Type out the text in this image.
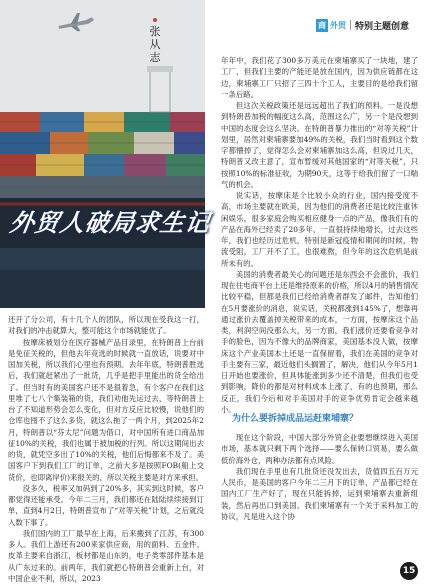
张从志
外贸人破局求生记
商 外贸 特别主题创意

还开了分公司，有十几个人的团队，所以现在受我这一打，对我们的冲击就算大，整可能这个市场就能优了。

按摩床被划分在医疗器械产品目录里，在特朗普上台前是免征关税的，但他去年竞选的时候就一直放话，说要对中国加关税，所以我们心里也有预期。去年年底，特朗普胜选后，我们就赶紧出了一批货，几乎是把手里能出的货全给出了。但当时有的美国客户还不是很着急，有个客户在我们这里堆了七八个集装箱的货，我们劝他先运过去，等特朗普上台了不知道形势会怎么变化，但对方反应比较慢，说他们的仓库也囤不了这么多货，就这么拖了一两个月，到2025年2月，特朗普以“芬太尼”问题为借口，对中国所有进口商品加征10%的关税，我们也属于被加税的行列。所以这期间出去的货，就凭空多出了10%的关税，他们后悔都来不及了。美国客户下到我们工厂的订单，之前大多是按照FOB(船上交货价，也即离岸价)来报关的，所以关税主要是对方来承担。

没多久，税率又加码到了20%多，其实到这时候，客户都觉得还能承受。今年二三月，我们都还在陆陆续续接到订单，直到4月2日，特朗普宣布了“对等关税”计划，之后就没入数下事了。

我们国内的工厂最早在上海，后来搬到了江苏，有300多人。我们上游还有200来家供应商，用的面料、五金件、皮革主要来自浙江，板材都是山东的，电子类零部件基本是从广东过来的。前两年，我们就把心特朗普会重新上台，对中国企业不利，所以，2023

年年中，我们花了300多万美元在柬埔寨买了一块地，建了工厂，但我们主要的产能还是放在国内，因为供应链都在这边，柬埔寨工厂只招了三四十个工人，主要目的是给我们留一条后路。

但这次关税政策还是远远超出了我们的预料。一是没想到特朗普加税的幅度这么高，范围这么广，另一个是没想到中国的态度会这么坚决。在特朗普暴力推出的“对等关税”计划里，居然对柬埔寨要加49%的关税，我们当时看到这个数字都懵掉了，觉得怎么会对柬埔寨加这么高，但说过几天，特朗普又改主意了，宣布暂缓对其他国家的“对等关税”，只按照10%的标准征收，为期90天，这等于给我们留了一口喘气的机会。

说实话，按摩床是个比较小众的行业，国内接受度不高，市场主要就在欧美，因为他们的消费者还是比较注重休闲娱乐，很多家庭会购买相应健身一点的产品，像我们有的产品在海外已经卖了20多年，一直很持续地增长，过去这些年，我们也经历过危机，特别是新冠疫情和期间的时候，物流受阻，工厂开不了工，也很难熬，但今年的这次危机是前所未有的。

美国的消费者最关心的问题还是东西会不会涨价，我们现在往电商平台上还是维持原来的价格，所以4月的销售情况比较平稳，但都是我们已经给消费者群发了邮件，告知他们在5月要涨价的消息，说实话，关税都涨到145%了，想靠再通过涨价去覆盖掉关税带来的成本，一方面，按摩床这个品类，利润空间没那么大，另一方面，我们涨价还要看竞争对手的脸色，因为不像大的品牌商家，美国基本没人做，按摩床这个产业美国本土还是一直保留着，我们在美国的竞争对手主要有三家，最近他们头搁置了，解决，他们从今年5月1日开始也要涨价，但具体能涨到多少还不清楚，但我们也受到影响，降价的都是对材料成本上涨了，有的也预期，那么反正，我们今后和对手美国对手的竞争优势肯定会越来越小。

为什么要拆掉成品运赶柬埔寨？

现在这个阶段，中国大部分外贸企业要想继续进入美国市场，基本就只剩下两个选择——要么保转口贸易，要么做低价海外仓，两种办法都有点风险。

我们现在手里也有几批货还没发出去，货值四五百万元人民币，是美国的客户今年二三月下的订单，产品都已经在国内工厂生产好了，现在只能拆掉，运到柬埔寨去重新组装，然后再出口到美国。我们柬埔寨有一个关于采料加工的协议，凡是进入这个协

15
